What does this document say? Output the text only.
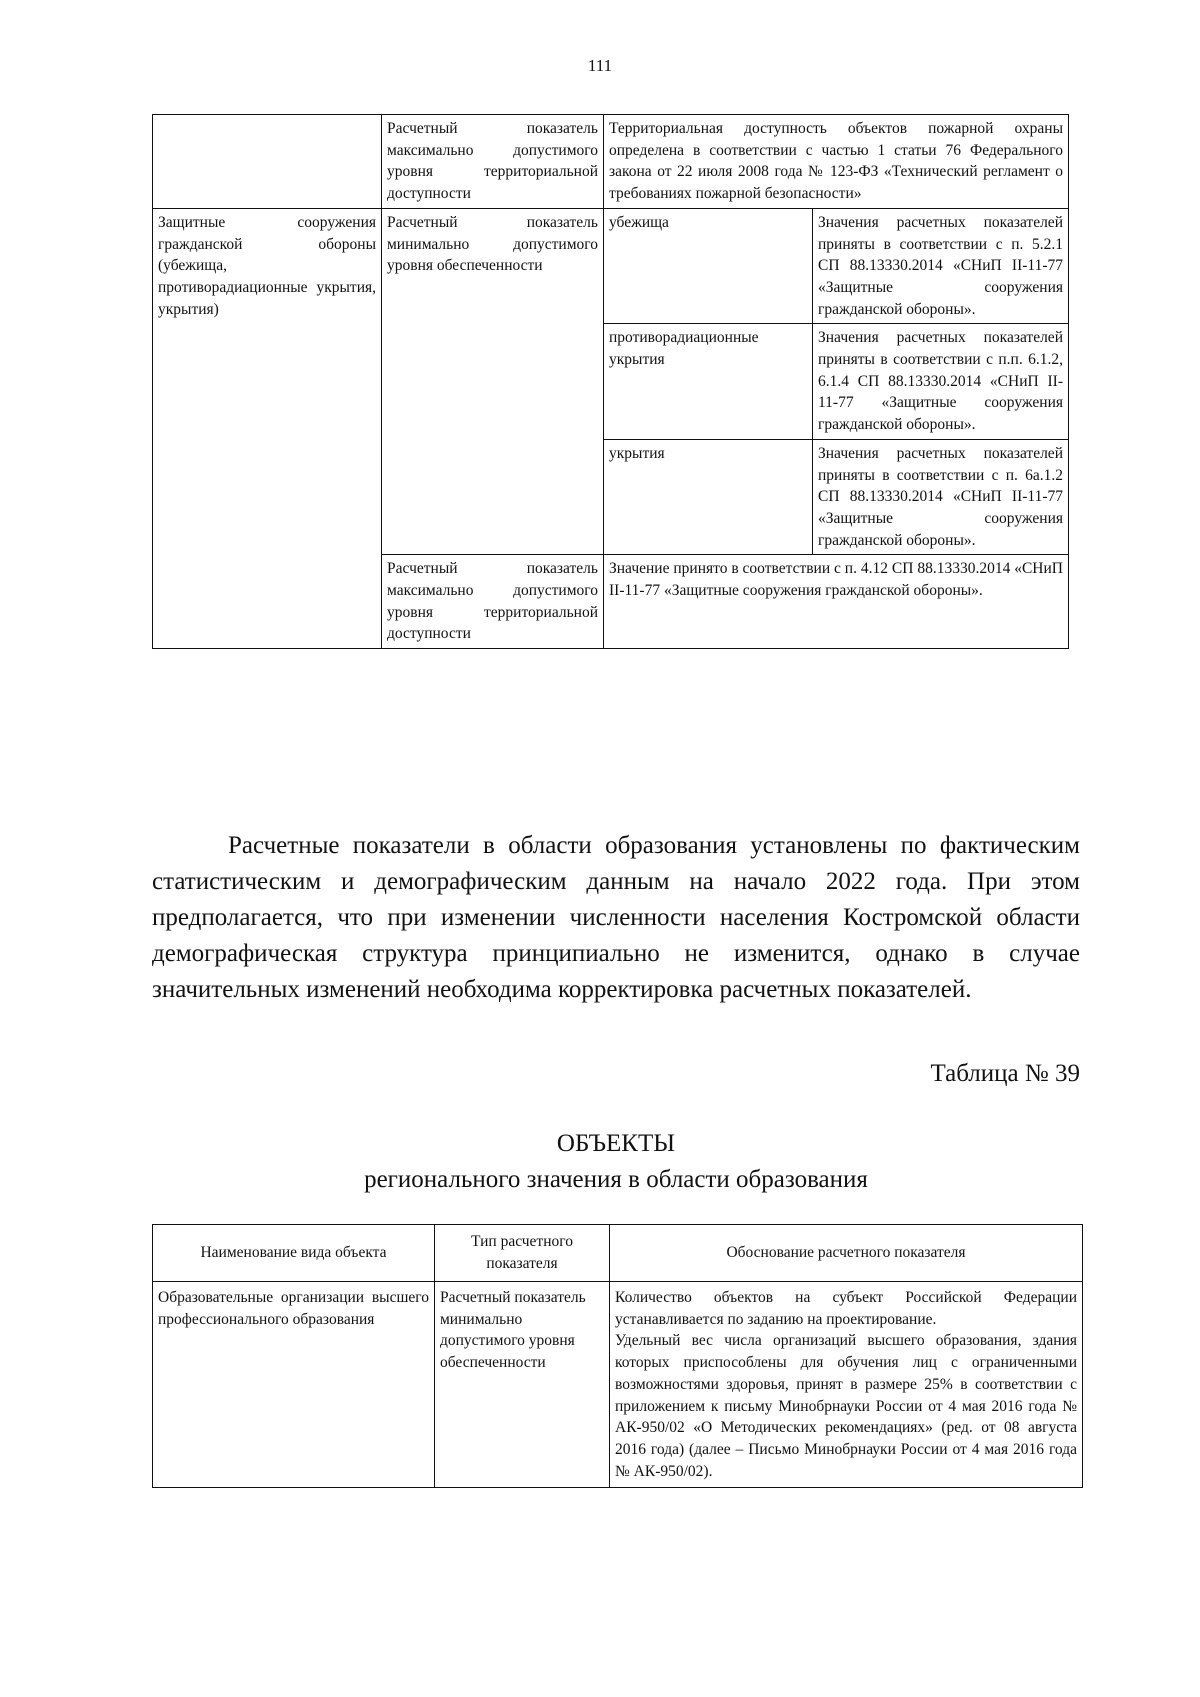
111
	Расчетный показатель максимально допустимого уровня территориальной доступности	Территориальная доступность объектов пожарной охраны определена в соответствии с частью 1 статьи 76 Федерального закона от 22 июля 2008 года № 123-ФЗ «Технический регламент о требованиях пожарной безопасности»	
Защитные сооружения гражданской обороны (убежища, противорадиационные укрытия, укрытия)	Расчетный показатель минимально допустимого уровня обеспеченности	убежища	Значения расчетных показателей приняты в соответствии с п. 5.2.1 СП 88.13330.2014 «СНиП II-11-77 «Защитные сооружения гражданской обороны».
		противорадиационные укрытия	Значения расчетных показателей приняты в соответствии с п.п. 6.1.2, 6.1.4 СП 88.13330.2014 «СНиП II-11-77 «Защитные сооружения гражданской обороны».
		укрытия	Значения расчетных показателей приняты в соответствии с п. 6а.1.2 СП 88.13330.2014 «СНиП II-11-77 «Защитные сооружения гражданской обороны».
	Расчетный показатель максимально допустимого уровня территориальной доступности	Значение принято в соответствии с п. 4.12 СП 88.13330.2014 «СНиП II-11-77 «Защитные сооружения гражданской обороны».	

Расчетные показатели в области образования установлены по фактическим статистическим и демографическим данным на начало 2022 года. При этом предполагается, что при изменении численности населения Костромской области демографическая структура принципиально не изменится, однако в случае значительных изменений необходима корректировка расчетных показателей.

Таблица № 39
ОБЪЕКТЫ
регионального значения в области образования
Наименование вида объекта	Тип расчетного показателя	Обоснование расчетного показателя
Образовательные организации высшего профессионального образования	Расчетный показатель минимально допустимого уровня обеспеченности	Количество объектов на субъект Российской Федерации устанавливается по заданию на проектирование.
Удельный вес числа организаций высшего образования, здания которых приспособлены для обучения лиц с ограниченными возможностями здоровья, принят в размере 25% в соответствии с приложением к письму Минобрнауки России от 4 мая 2016 года № АК-950/02 «О Методических рекомендациях» (ред. от 08 августа 2016 года) (далее – Письмо Минобрнауки России от 4 мая 2016 года № АК-950/02).
